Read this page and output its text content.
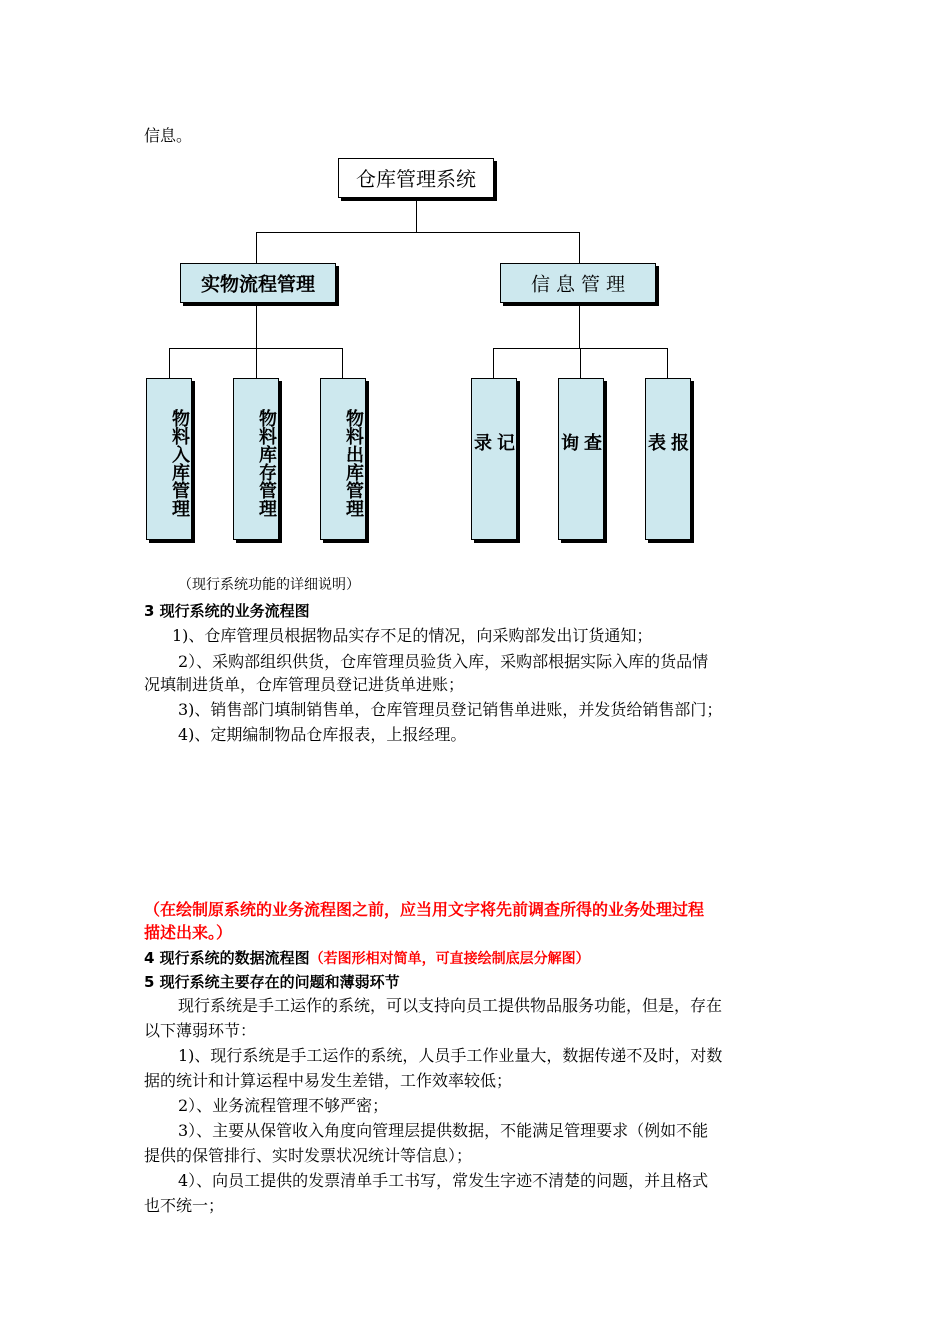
信息。
仓库管理系统
实物流程管理	信 息 管 理
物料入库管理	物料库存管理	物料出库管理	记录	查询	报表
（现行系统功能的详细说明）
3 现行系统的业务流程图
1)、仓库管理员根据物品实存不足的情况，向采购部发出订货通知；
2）、采购部组织供货，仓库管理员验货入库，采购部根据实际入库的货品情
况填制进货单，仓库管理员登记进货单进账；
3)、销售部门填制销售单，仓库管理员登记销售单进账，并发货给销售部门；
4)、定期编制物品仓库报表，上报经理。
（在绘制原系统的业务流程图之前，应当用文字将先前调查所得的业务处理过程
描述出来。）
4 现行系统的数据流程图（若图形相对简单，可直接绘制底层分解图）
5 现行系统主要存在的问题和薄弱环节
现行系统是手工运作的系统，可以支持向员工提供物品服务功能，但是，存在
以下薄弱环节：
1)、现行系统是手工运作的系统，人员手工作业量大，数据传递不及时，对数
据的统计和计算运程中易发生差错，工作效率较低；
2）、业务流程管理不够严密；
3）、主要从保管收入角度向管理层提供数据，不能满足管理要求（例如不能
提供的保管排行、实时发票状况统计等信息）；
4）、向员工提供的发票清单手工书写，常发生字迹不清楚的问题，并且格式
也不统一；
